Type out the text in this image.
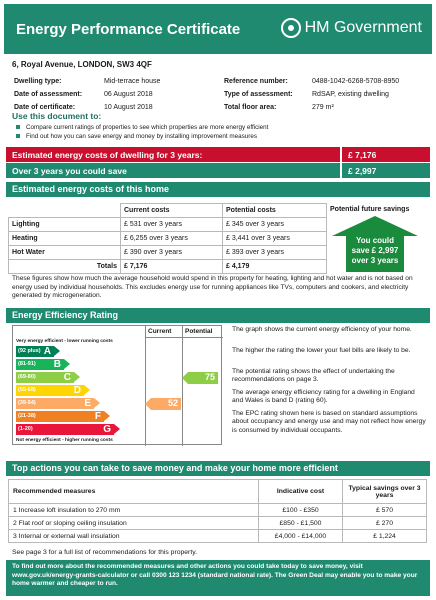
Energy Performance Certificate	HM Government
6, Royal Avenue, LONDON, SW3 4QF
Dwelling type:	Mid-terrace house
Date of assessment:	06 August 2018
Date of certificate:	10 August 2018
Reference number:	0488-1042-6268-5708-8950
Type of assessment:	RdSAP, existing dwelling
Total floor area:	279 m²
Use this document to:
Compare current ratings of properties to see which properties are more energy efficient
Find out how you can save energy and money by installing improvement measures
Estimated energy costs of dwelling for 3 years:	£ 7,176
Over 3 years you could save	£ 2,997
Estimated energy costs of this home
	Current costs	Potential costs
Lighting	£ 531 over 3 years	£ 345 over 3 years
Heating	£ 6,255 over 3 years	£ 3,441 over 3 years
Hot Water	£ 390 over 3 years	£ 393 over 3 years
Totals	£ 7,176	£ 4,179
Potential future savings
You could
save £ 2,997
over 3 years
These figures show how much the average household would spend in this property for heating, lighting and hot water and is not based on energy used by individual households. This excludes energy use for running appliances like TVs, computers and cookers, and electricity generated by microgeneration.
Energy Efficiency Rating
Current Potential
Very energy efficient - lower running costs
Not energy efficient - higher running costs
(92 plus) A
(81-91) B
(69-80)	C
(55-68)	D
(39-54)	E
(21-38)	F
(1-20)	G
52
75
The graph shows the current energy efficiency of your home.
The higher the rating the lower your fuel bills are likely to be.
The potential rating shows the effect of undertaking the recommendations on page 3.
The average energy efficiency rating for a dwelling in England and Wales is band D (rating 60).
The EPC rating shown here is based on standard assumptions about occupancy and energy use and may not reflect how energy is consumed by individual occupants.
Top actions you can take to save money and make your home more efficient
Recommended measures	Indicative cost	Typical savings over 3 years
1 Increase loft insulation to 270 mm	£100 - £350	£ 570
2 Flat roof or sloping ceiling insulation	£850 - £1,500	£ 270
3 Internal or external wall insulation	£4,000 - £14,000	£ 1,224
See page 3 for a full list of recommendations for this property.
To find out more about the recommended measures and other actions you could take today to save money, visit www.gov.uk/energy-grants-calculator or call 0300 123 1234 (standard national rate). The Green Deal may enable you to make your home warmer and cheaper to run.
